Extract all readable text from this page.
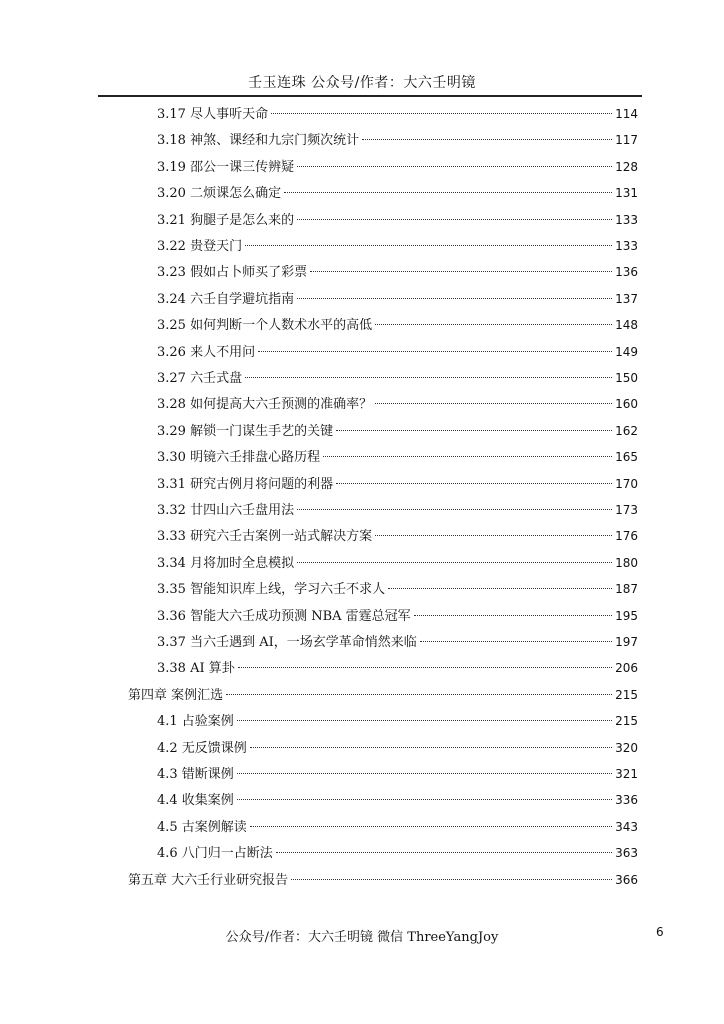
壬玉连珠 公众号/作者：大六壬明镜
3.17 尽人事听天命	114
3.18 神煞、课经和九宗门频次统计	117
3.19 邵公一课三传辨疑	128
3.20 二烦课怎么确定	131
3.21 狗腿子是怎么来的	133
3.22 贵登天门	133
3.23 假如占卜师买了彩票	136
3.24 六壬自学避坑指南	137
3.25 如何判断一个人数术水平的高低	148
3.26 来人不用问	149
3.27 六壬式盘	150
3.28 如何提高大六壬预测的准确率？	160
3.29 解锁一门谋生手艺的关键	162
3.30 明镜六壬排盘心路历程	165
3.31 研究古例月将问题的利器	170
3.32 廿四山六壬盘用法	173
3.33 研究六壬古案例一站式解决方案	176
3.34 月将加时全息模拟	180
3.35 智能知识库上线，学习六壬不求人	187
3.36 智能大六壬成功预测 NBA 雷霆总冠军	195
3.37 当六壬遇到 AI，一场玄学革命悄然来临	197
3.38 AI 算卦	206
第四章 案例汇选	215
4.1 占验案例	215
4.2 无反馈课例	320
4.3 错断课例	321
4.4 收集案例	336
4.5 古案例解读	343
4.6 八门归一占断法	363
第五章 大六壬行业研究报告	366
公众号/作者：大六壬明镜 微信 ThreeYangJoy	6
